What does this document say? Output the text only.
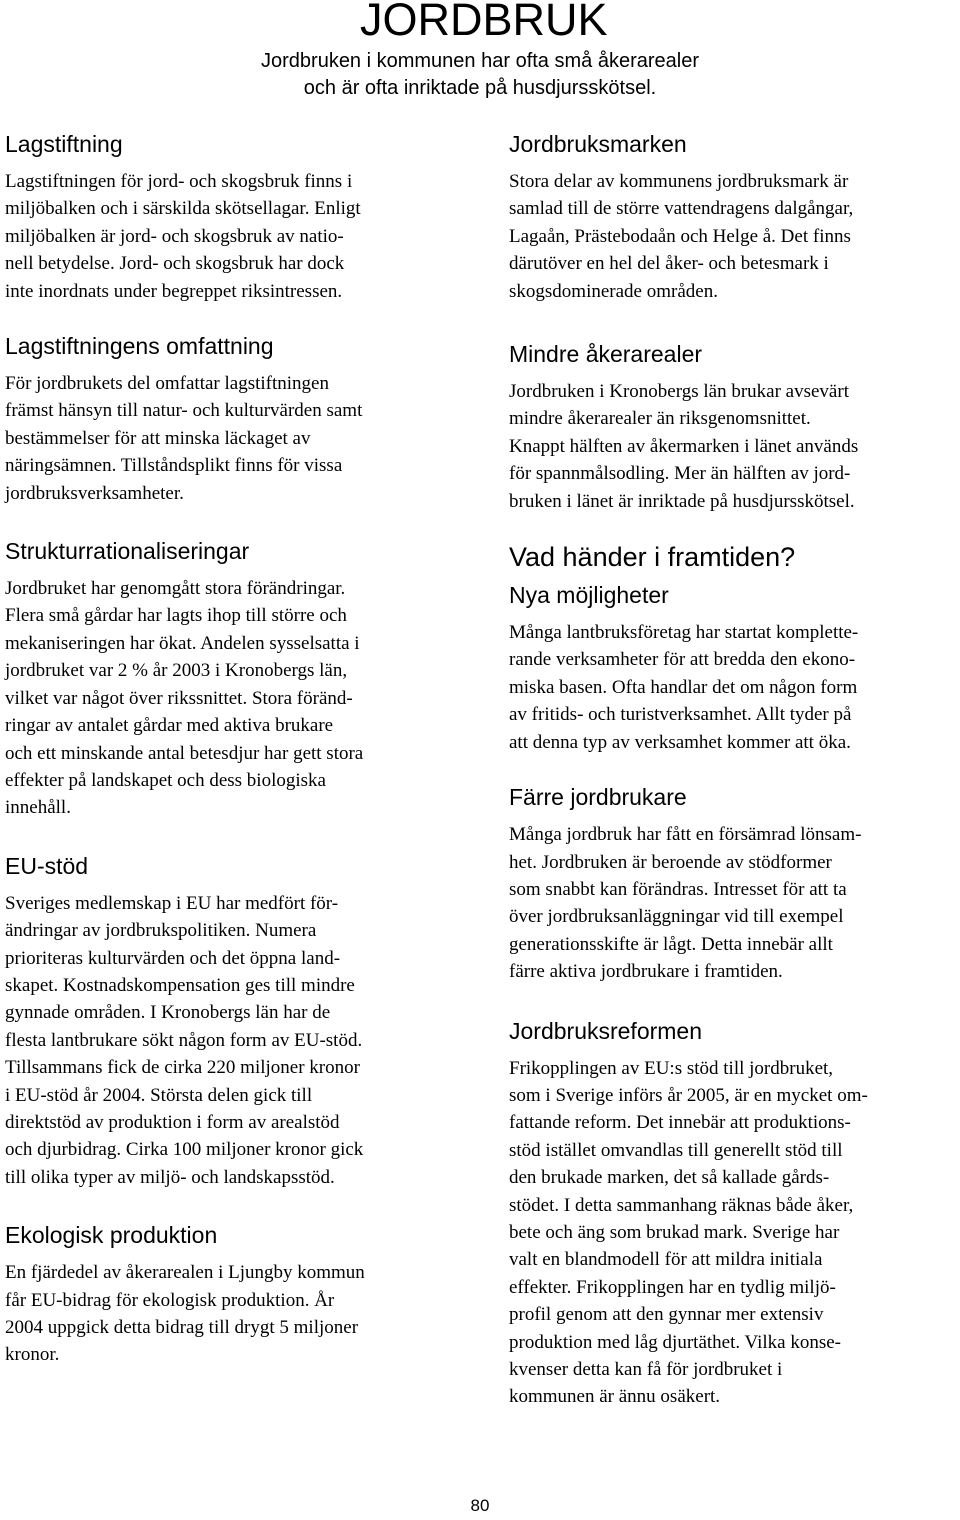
JORDBRUK

Jordbruken i kommunen har ofta små åkerarealer
och är ofta inriktade på husdjursskötsel.

Lagstiftning

Lagstiftningen för jord- och skogsbruk finns i
miljöbalken och i särskilda skötsellagar. Enligt
miljöbalken är jord- och skogsbruk av natio-
nell betydelse. Jord- och skogsbruk har dock
inte inordnats under begreppet riksintressen.

Lagstiftningens omfattning

För jordbrukets del omfattar lagstiftningen
främst hänsyn till natur- och kulturvärden samt
bestämmelser för att minska läckaget av
näringsämnen. Tillståndsplikt finns för vissa
jordbruksverksamheter.

Strukturrationaliseringar

Jordbruket har genomgått stora förändringar.
Flera små gårdar har lagts ihop till större och
mekaniseringen har ökat. Andelen sysselsatta i
jordbruket var 2 % år 2003 i Kronobergs län,
vilket var något över rikssnittet. Stora föränd-
ringar av antalet gårdar med aktiva brukare
och ett minskande antal betesdjur har gett stora
effekter på landskapet och dess biologiska
innehåll.

EU-stöd

Sveriges medlemskap i EU har medfört för-
ändringar av jordbrukspolitiken. Numera
prioriteras kulturvärden och det öppna land-
skapet. Kostnadskompensation ges till mindre
gynnade områden. I Kronobergs län har de
flesta lantbrukare sökt någon form av EU-stöd.
Tillsammans fick de cirka 220 miljoner kronor
i EU-stöd år 2004. Största delen gick till
direktstöd av produktion i form av arealstöd
och djurbidrag. Cirka 100 miljoner kronor gick
till olika typer av miljö- och landskapsstöd.

Ekologisk produktion

En fjärdedel av åkerarealen i Ljungby kommun
får EU-bidrag för ekologisk produktion. År
2004 uppgick detta bidrag till drygt 5 miljoner
kronor.

Jordbruksmarken

Stora delar av kommunens jordbruksmark är
samlad till de större vattendragens dalgångar,
Lagaån, Prästebodaån och Helge å. Det finns
därutöver en hel del åker- och betesmark i
skogsdominerade områden.

Mindre åkerarealer

Jordbruken i Kronobergs län brukar avsevärt
mindre åkerarealer än riksgenomsnittet.
Knappt hälften av åkermarken i länet används
för spannmålsodling. Mer än hälften av jord-
bruken i länet är inriktade på husdjursskötsel.

Vad händer i framtiden?
Nya möjligheter

Många lantbruksföretag har startat komplette-
rande verksamheter för att bredda den ekono-
miska basen. Ofta handlar det om någon form
av fritids- och turistverksamhet. Allt tyder på
att denna typ av verksamhet kommer att öka.

Färre jordbrukare

Många jordbruk har fått en försämrad lönsam-
het. Jordbruken är beroende av stödformer
som snabbt kan förändras. Intresset för att ta
över jordbruksanläggningar vid till exempel
generationsskifte är lågt. Detta innebär allt
färre aktiva jordbrukare i framtiden.

Jordbruksreformen

Frikopplingen av EU:s stöd till jordbruket,
som i Sverige införs år 2005, är en mycket om-
fattande reform. Det innebär att produktions-
stöd istället omvandlas till generellt stöd till
den brukade marken, det så kallade gårds-
stödet. I detta sammanhang räknas både åker,
bete och äng som brukad mark. Sverige har
valt en blandmodell för att mildra initiala
effekter. Frikopplingen har en tydlig miljö-
profil genom att den gynnar mer extensiv
produktion med låg djurtäthet. Vilka konse-
kvenser detta kan få för jordbruket i
kommunen är ännu osäkert.

80
